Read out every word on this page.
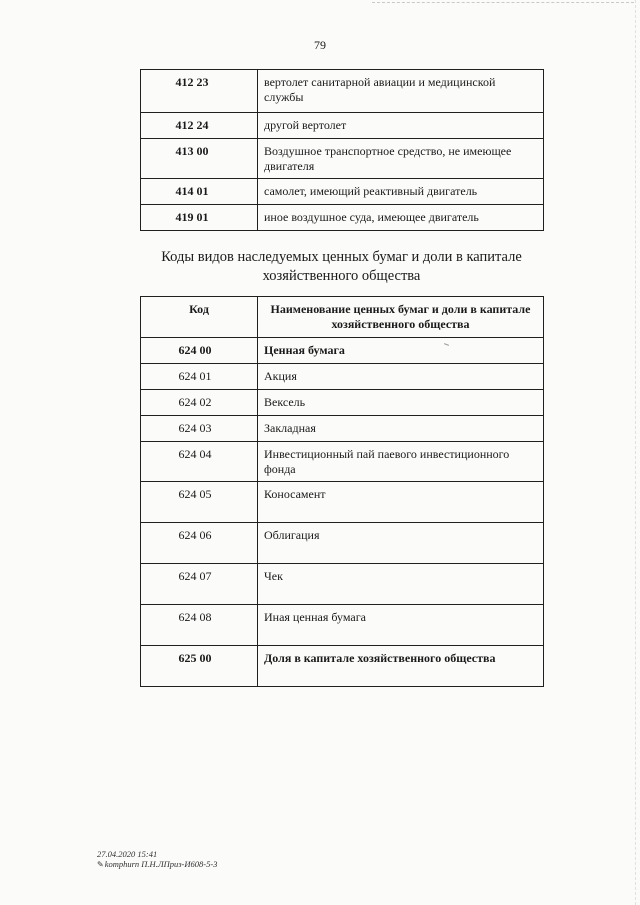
79
412 23	вертолет санитарной авиации и медицинской службы
412 24	другой вертолет
413 00	Воздушное транспортное средство, не имеющее двигателя
414 01	самолет, имеющий реактивный двигатель
419 01	иное воздушное суда, имеющее двигатель
Коды видов наследуемых ценных бумаг и доли в капитале хозяйственного общества
Код	Наименование ценных бумаг и доли в капитале хозяйственного общества
624 00	Ценная бумага
624 01	Акция
624 02	Вексель
624 03	Закладная
624 04	Инвестиционный пай паевого инвестиционного фонда
624 05	Коносамент
624 06	Облигация
624 07	Чек
624 08	Иная ценная бумага
625 00	Доля в капитале хозяйственного общества
27.04.2020 15:41
✎komphurn П.Н.ЛПриз-И608-5-3
